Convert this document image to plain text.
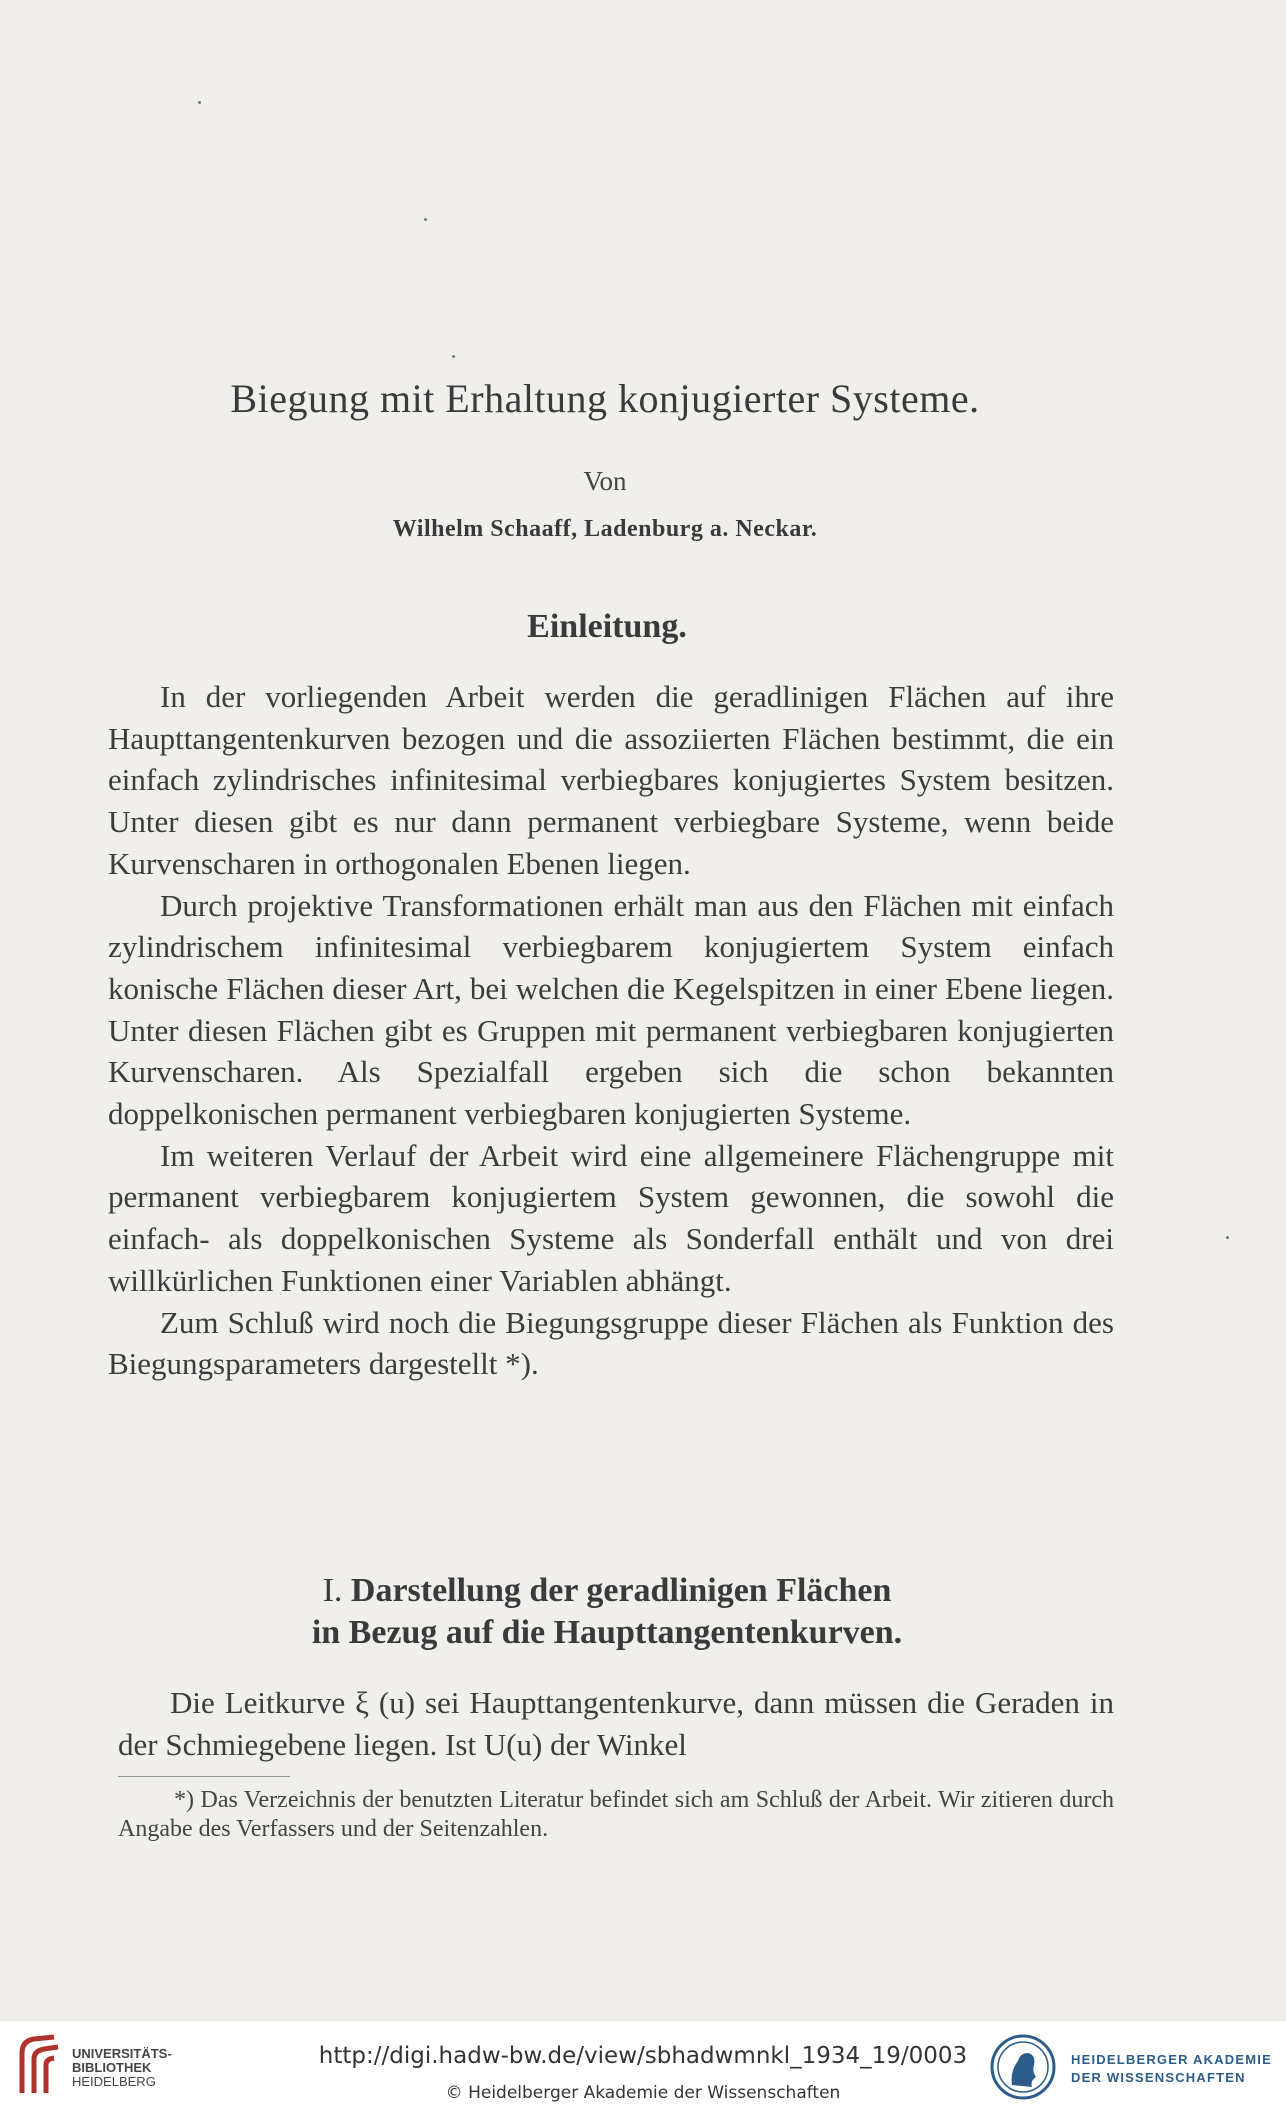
Biegung mit Erhaltung konjugierter Systeme.
Von
Wilhelm Schaaff, Ladenburg a. Neckar.
Einleitung.

In der vorliegenden Arbeit werden die geradlinigen Flächen auf ihre Haupttangentenkurven bezogen und die assoziierten Flächen bestimmt, die ein einfach zylindrisches infinitesimal verbiegbares konjugiertes System besitzen. Unter diesen gibt es nur dann permanent verbiegbare Systeme, wenn beide Kurvenscharen in orthogonalen Ebenen liegen.

Durch projektive Transformationen erhält man aus den Flächen mit einfach zylindrischem infinitesimal verbiegbarem konjugiertem System einfach konische Flächen dieser Art, bei welchen die Kegelspitzen in einer Ebene liegen. Unter diesen Flächen gibt es Gruppen mit permanent verbiegbaren konjugierten Kurvenscharen. Als Spezialfall ergeben sich die schon bekannten doppelkonischen permanent verbiegbaren konjugierten Systeme.

Im weiteren Verlauf der Arbeit wird eine allgemeinere Flächengruppe mit permanent verbiegbarem konjugiertem System gewonnen, die sowohl die einfach- als doppelkonischen Systeme als Sonderfall enthält und von drei willkürlichen Funktionen einer Variablen abhängt.

Zum Schluß wird noch die Biegungsgruppe dieser Flächen als Funktion des Biegungsparameters dargestellt *).

I. Darstellung der geradlinigen Flächen
in Bezug auf die Haupttangentenkurven.

Die Leitkurve ξ (u) sei Haupttangentenkurve, dann müssen die Geraden in der Schmiegebene liegen. Ist U(u) der Winkel

*) Das Verzeichnis der benutzten Literatur befindet sich am Schluß der Arbeit. Wir zitieren durch Angabe des Verfassers und der Seitenzahlen.

UNIVERSITÄTS-
BIBLIOTHEK
HEIDELBERG
http://digi.hadw-bw.de/view/sbhadwmnkl_1934_19/0003
© Heidelberger Akademie der Wissenschaften
HEIDELBERGER AKADEMIE
DER WISSENSCHAFTEN
